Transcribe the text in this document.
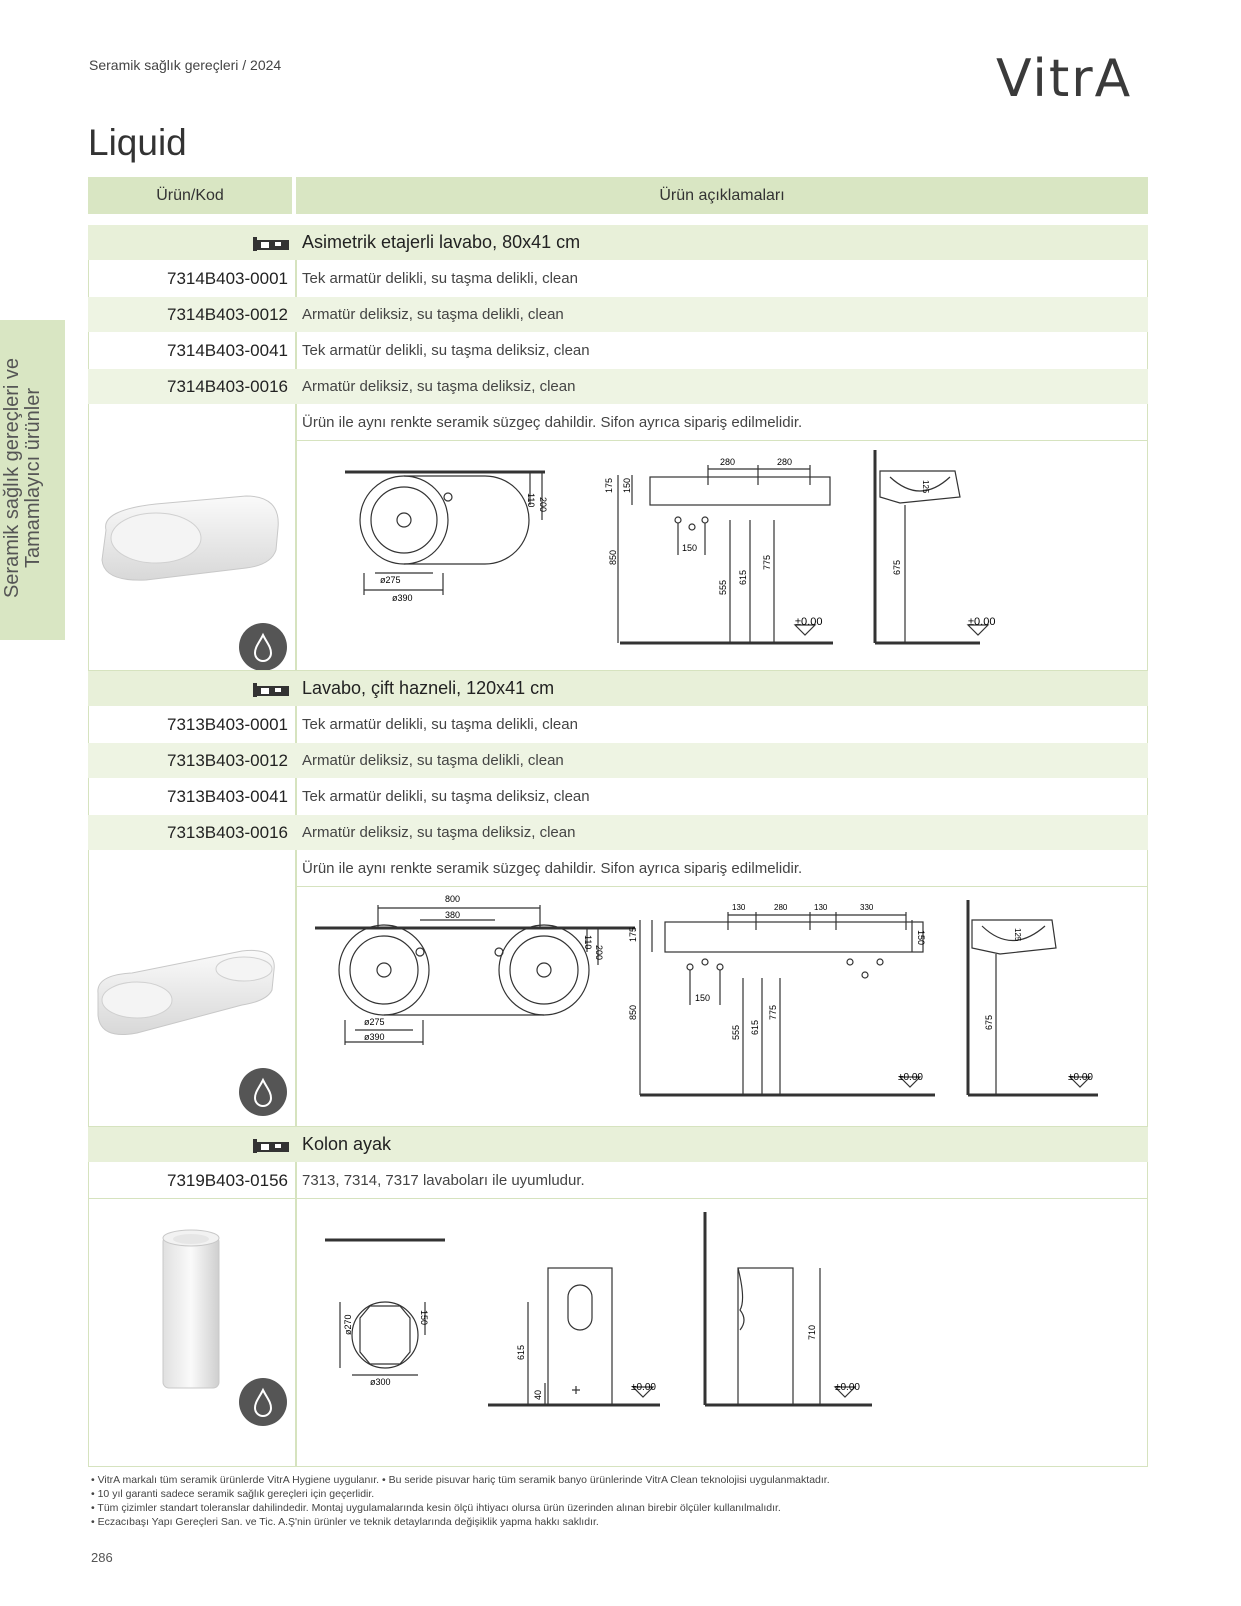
Seramik sağlık gereçleri / 2024	VitrA
Liquid
Ürün/Kod	Ürün açıklamaları
Seramik sağlık gereçleri ve Tamamlayıcı ürünler
Asimetrik etajerli lavabo, 80x41 cm
7314B403-0001 Tek armatür delikli, su taşma delikli, clean
7314B403-0012 Armatür deliksiz, su taşma delikli, clean
7314B403-0041 Tek armatür delikli, su taşma deliksiz, clean
7314B403-0016 Armatür deliksiz, su taşma deliksiz, clean
Ürün ile aynı renkte seramik süzgeç dahildir. Sifon ayrıca sipariş edilmelidir.
ø275
ø390
110 200
280	280
175 150
150
850
555
615
775
±0.00
125
675
±0.00
Lavabo, çift hazneli, 120x41 cm
7313B403-0001 Tek armatür delikli, su taşma delikli, clean
7313B403-0012 Armatür deliksiz, su taşma delikli, clean
7313B403-0041 Tek armatür delikli, su taşma deliksiz, clean
7313B403-0016 Armatür deliksiz, su taşma deliksiz, clean
Ürün ile aynı renkte seramik süzgeç dahildir. Sifon ayrıca sipariş edilmelidir.
800
380
ø275
ø390
110
200
130	280	130	330
175	150
150
850
555 615
775
±0.00
125
675
±0.00
Kolon ayak
7319B403-0156 7313, 7314, 7317 lavaboları ile uyumludur.
ø270	150
ø300
615
40
±0.00
710
±0.00
• VitrA markalı tüm seramik ürünlerde VitrA Hygiene uygulanır. • Bu seride pisuvar hariç tüm seramik banyo ürünlerinde VitrA Clean teknolojisi uygulanmaktadır.
• 10 yıl garanti sadece seramik sağlık gereçleri için geçerlidir.
• Tüm çizimler standart toleranslar dahilindedir. Montaj uygulamalarında kesin ölçü ihtiyacı olursa ürün üzerinden alınan birebir ölçüler kullanılmalıdır.
• Eczacıbaşı Yapı Gereçleri San. ve Tic. A.Ş'nin ürünler ve teknik detaylarında değişiklik yapma hakkı saklıdır.
286
